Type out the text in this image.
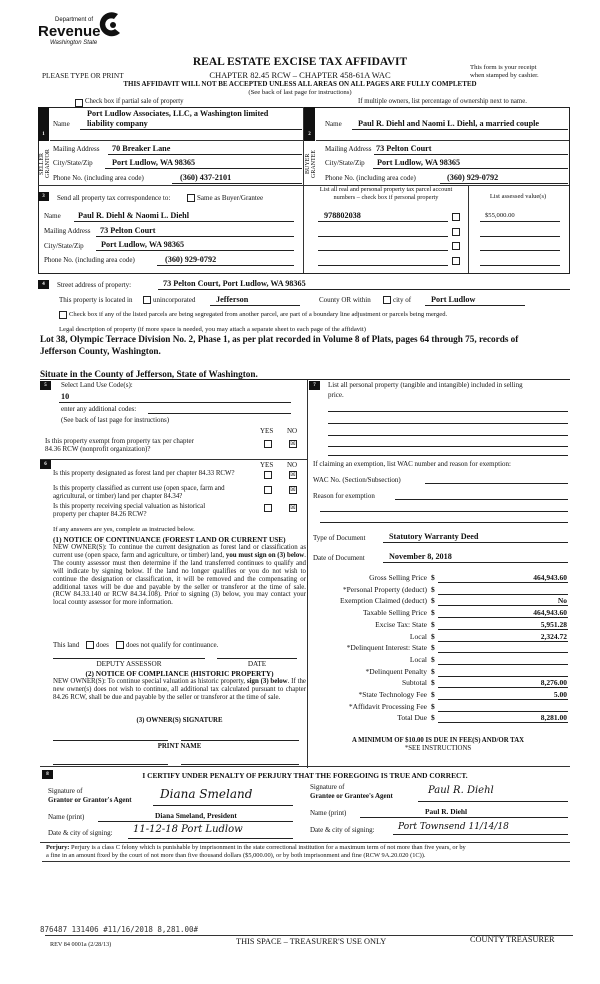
Department of
Revenue
Washington State
REAL ESTATE EXCISE TAX AFFIDAVIT
PLEASE TYPE OR PRINT	CHAPTER 82.45 RCW – CHAPTER 458-61A WAC
This form is your receipt
when stamped by cashier.
THIS AFFIDAVIT WILL NOT BE ACCEPTED UNLESS ALL AREAS ON ALL PAGES ARE FULLY COMPLETED
(See back of last page for instructions)
Check box if partial sale of property	If multiple owners, list percentage of ownership next to name.
1
SELLER
GRANTOR
Name
Port Ludlow Associates, LLC, a Washington limited
liability company
Mailing Address 70 Breaker Lane
City/State/Zip Port Ludlow, WA 98365
Phone No. (including area code)	(360) 437-2101
2
BUYER
GRANTEE
Name Paul R. Diehl and Naomi L. Diehl, a married couple
Mailing Address 73 Pelton Court
City/State/Zip Port Ludlow, WA 98365
Phone No. (including area code)	(360) 929-0792
3	Send all property tax correspondence to:	Same as Buyer/Grantee
Name Paul R. Diehl & Naomi L. Diehl
Mailing Address 73 Pelton Court
City/State/Zip Port Ludlow, WA 98365
Phone No. (including area code)	(360) 929-0792
List all real and personal property tax parcel account
numbers – check box if personal property	List assessed value(s)
978802038	$55,000.00
4	Street address of property:	73 Pelton Court, Port Ludlow, WA 98365
This property is located in	unincorporated	Jefferson	County OR within	city of Port Ludlow
Check box if any of the listed parcels are being segregated from another parcel, are part of a boundary line adjustment or parcels being merged.
Legal description of property (if more space is needed, you may attach a separate sheet to each page of the affidavit)
Lot 38, Olympic Terrace Division No. 2, Phase 1, as per plat recorded in Volume 8 of Plats, pages 64 through 75, records of
Jefferson County, Washington.
Situate in the County of Jefferson, State of Washington.
5	Select Land Use Code(s):
10
enter any additional codes:
(See back of last page for instructions)
YES NO
Is this property exempt from property tax per chapter
84.36 RCW (nonprofit organization)?
☒
6	YES NO
Is this property designated as forest land per chapter 84.33 RCW?	☒
Is this property classified as current use (open space, farm and
agricultural, or timber) land per chapter 84.34?
☒
Is this property receiving special valuation as historical
property per chapter 84.26 RCW?
☒
If any answers are yes, complete as instructed below.
(1) NOTICE OF CONTINUANCE (FOREST LAND OR CURRENT USE)
NEW OWNER(S): To continue the current designation as forest land or classification as current use (open space, farm and agriculture, or timber) land, you must sign on (3) below. The county assessor must then determine if the land transferred continues to qualify and will indicate by signing below. If the land no longer qualifies or you do not wish to continue the designation or classification, it will be removed and the compensating or additional taxes will be due and payable by the seller or transferor at the time of sale. (RCW 84.33.140 or RCW 84.34.108). Prior to signing (3) below, you may contact your local county assessor for more information.
This land does does not qualify for continuance.
DEPUTY ASSESSOR	DATE
(2) NOTICE OF COMPLIANCE (HISTORIC PROPERTY)
NEW OWNER(S): To continue special valuation as historic property, sign (3) below. If the new owner(s) does not wish to continue, all additional tax calculated pursuant to chapter 84.26 RCW, shall be due and payable by the seller or transferor at the time of sale.
(3) OWNER(S) SIGNATURE
PRINT NAME
7	List all personal property (tangible and intangible) included in selling
price.
If claiming an exemption, list WAC number and reason for exemption:
WAC No. (Section/Subsection)
Reason for exemption
Type of Document	Statutory Warranty Deed
Date of Document	November 8, 2018
Gross Selling Price $	464,943.60
*Personal Property (deduct) $
Exemption Claimed (deduct) $	No
Taxable Selling Price $	464,943.60
Excise Tax: State $	5,951.28
Local $	2,324.72
*Delinquent Interest: State $
Local $
*Delinquent Penalty $
Subtotal $	8,276.00
*State Technology Fee $	5.00
*Affidavit Processing Fee $
Total Due $	8,281.00
A MINIMUM OF $10.00 IS DUE IN FEE(S) AND/OR TAX
*SEE INSTRUCTIONS
8	I CERTIFY UNDER PENALTY OF PERJURY THAT THE FOREGOING IS TRUE AND CORRECT.
Signature of
Grantor or Grantor's Agent Diana Smeland
Name (print)	Diana Smeland, President
Date & city of signing: 11-12-18 Port Ludlow
Signature of
Grantee or Grantee's Agent	Paul R. Diehl
Name (print)	Paul R. Diehl
Date & city of signing:	Port Townsend 11/14/18
Perjury: Perjury is a class C felony which is punishable by imprisonment in the state correctional institution for a maximum term of not more than five years, or by
a fine in an amount fixed by the court of not more than five thousand dollars ($5,000.00), or by both imprisonment and fine (RCW 9A.20.020 (1C)).
876487 131406 #11/16/2018 8,281.00#
REV 84 0001a (2/28/13)	THIS SPACE – TREASURER'S USE ONLY	COUNTY TREASURER
